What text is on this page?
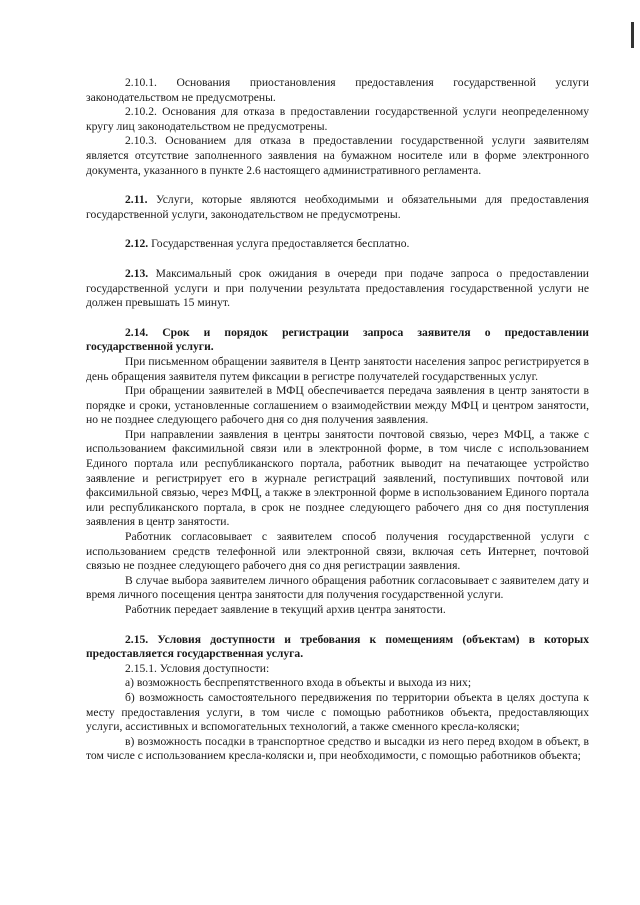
2.10.1. Основания приостановления предоставления государственной услуги законодательством не предусмотрены.

2.10.2. Основания для отказа в предоставлении государственной услуги неопределенному кругу лиц законодательством не предусмотрены.

2.10.3. Основанием для отказа в предоставлении государственной услуги заявителям является отсутствие заполненного заявления на бумажном носителе или в форме электронного документа, указанного в пункте 2.6 настоящего административного регламента.

2.11. Услуги, которые являются необходимыми и обязательными для предоставления государственной услуги, законодательством не предусмотрены.

2.12. Государственная услуга предоставляется бесплатно.

2.13. Максимальный срок ожидания в очереди при подаче запроса о предоставлении государственной услуги и при получении результата предоставления государственной услуги не должен превышать 15 минут.

2.14. Срок и порядок регистрации запроса заявителя о предоставлении государственной услуги.

При письменном обращении заявителя в Центр занятости населения запрос регистрируется в день обращения заявителя путем фиксации в регистре получателей государственных услуг.

При обращении заявителей в МФЦ обеспечивается передача заявления в центр занятости в порядке и сроки, установленные соглашением о взаимодействии между МФЦ и центром занятости, но не позднее следующего рабочего дня со дня получения заявления.

При направлении заявления в центры занятости почтовой связью, через МФЦ, а также с использованием факсимильной связи или в электронной форме, в том числе с использованием Единого портала или республиканского портала, работник выводит на печатающее устройство заявление и регистрирует его в журнале регистраций заявлений, поступивших почтовой или факсимильной связью, через МФЦ, а также в электронной форме в использованием Единого портала или республиканского портала, в срок не позднее следующего рабочего дня со дня поступления заявления в центр занятости.

Работник согласовывает с заявителем способ получения государственной услуги с использованием средств телефонной или электронной связи, включая сеть Интернет, почтовой связью не позднее следующего рабочего дня со дня регистрации заявления.

В случае выбора заявителем личного обращения работник согласовывает с заявителем дату и время личного посещения центра занятости для получения государственной услуги.

Работник передает заявление в текущий архив центра занятости.

2.15. Условия доступности и требования к помещениям (объектам) в которых предоставляется государственная услуга.

2.15.1. Условия доступности:

а) возможность беспрепятственного входа в объекты и выхода из них;

б) возможность самостоятельного передвижения по территории объекта в целях доступа к месту предоставления услуги, в том числе с помощью работников объекта, предоставляющих услуги, ассистивных и вспомогательных технологий, а также сменного кресла-коляски;

в) возможность посадки в транспортное средство и высадки из него перед входом в объект, в том числе с использованием кресла-коляски и, при необходимости, с помощью работников объекта;
